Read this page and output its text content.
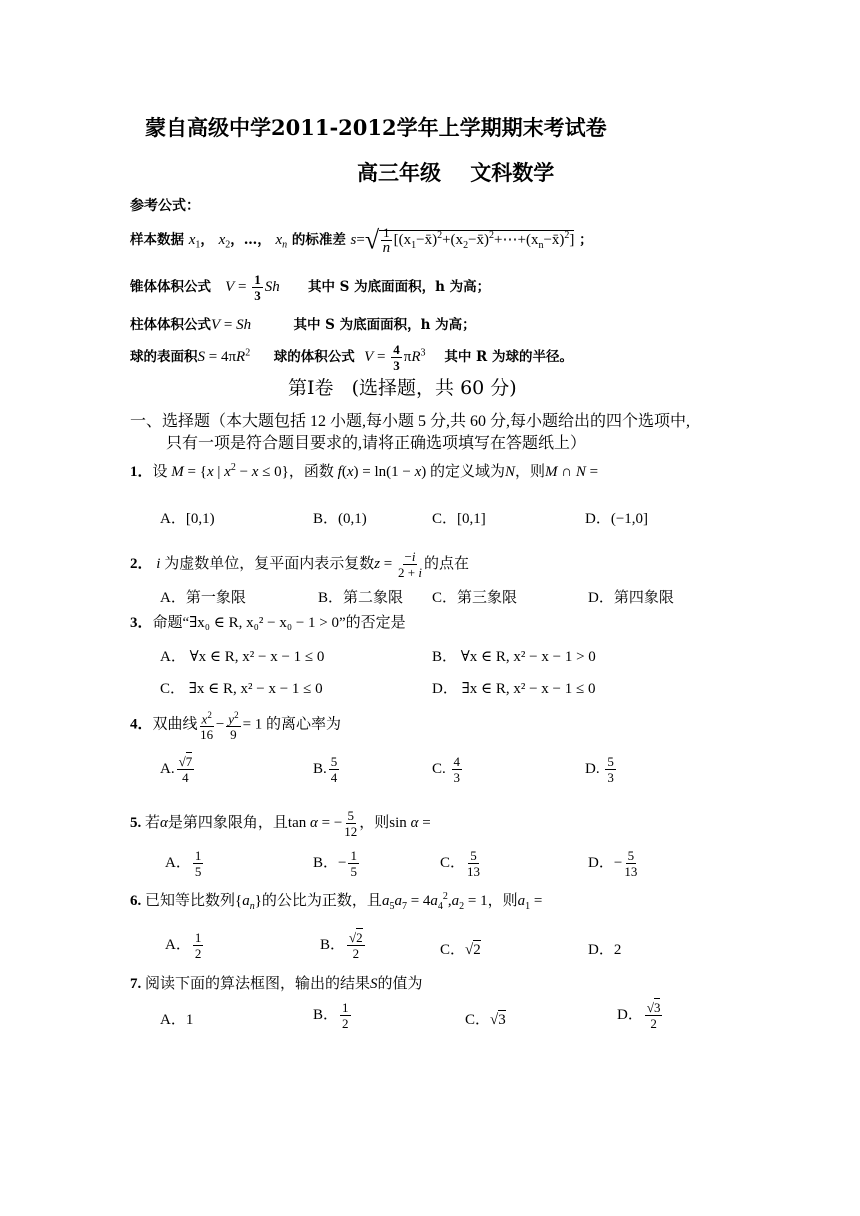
蒙自高级中学2011-2012学年上学期期末考试卷
高三年级    文科数学
参考公式：
样本数据 $x_1$， $x_2$，…， $x_n$ 的标准差 $s=√ \frac{1}{n}$ $[(x_1-x̄)^2+(x_2-x̄)^2+\cdots+(x_n-x̄)^2]$ ；
锥体体积公式 $V = \frac{1}{3}$ Sh 其中 S 为底面面积，h 为高；
柱体体积公式V = Sh	其中 S 为底面面积，h 为高；
球的表面积$S = 4\pi R^2$ 球的体积公式 $V = \frac{4}{3} \pi R^3$ 其中 R 为球的半径。
第Ⅰ卷   (选择题，共 60 分)
一、选择题（本大题包括 12 小题,每小题 5 分,共 60 分,每小题给出的四个选项中,
只有一项是符合题目要求的,请将正确选项填写在答题纸上）
1．设 M = {x | $x^2 - x \le 0$}，函数 f(x) = ln(1 − x) 的定义域为N，则M ∩ N =
A．[0,1)	B．(0,1)	C．[0,1]	D．(−1,0]
2． i 为虚数单位，复平面内表示复数$z = \frac{-i}{2 + i}$ 的点在
A．第一象限	B．第二象限 C．第三象限	D．第四象限
3．命题“∃x₀ ∈ R, x₀² − x₀ − 1 > 0”的否定是
A． ∀x ∈ R, x² − x − 1 ≤ 0	B． ∀x ∈ R, x² − x − 1 > 0
C． ∃x ∈ R, x² − x − 1 ≤ 0	D． ∃x ∈ R, x² − x − 1 ≤ 0
4．双曲线 $\frac{x^2}{16} - \frac{y^2}{9} = 1$ 的离心率为
A. $\frac{√7}{4}$	B. $\frac{5}{4}$	C. $\frac{4}{3}$	D. $\frac{5}{3}$
5. 若α是第四象限角，且tan α = − $\frac{5}{12}$ ，则sin α =
A． $\frac{1}{5}$	B．− $\frac{1}{5}$	C． $\frac{5}{13}$	D．− $\frac{5}{13}$
6. 已知等比数列$\{a_n\}$的公比为正数，且$a_5a_7 = 4a_4^2,a_2 = 1$，则$a_1$ =
A． $\frac{1}{2}$	B． $\frac{√2}{2}$	C．√2	D．2
7. 阅读下面的算法框图，输出的结果S的值为
A．1	B． $\frac{1}{2}$	C．√3	D． $\frac{√3}{2}$
